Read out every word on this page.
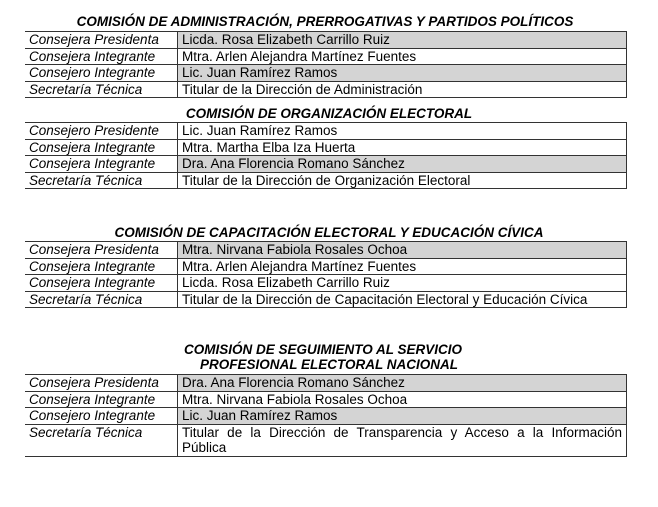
COMISIÓN DE ADMINISTRACIÓN, PRERROGATIVAS Y PARTIDOS POLÍTICOS
Consejera Presidenta	Licda. Rosa Elizabeth Carrillo Ruiz
Consejera Integrante	Mtra. Arlen Alejandra Martínez Fuentes
Consejero Integrante	Lic. Juan Ramírez Ramos
Secretaría Técnica	Titular de la Dirección de Administración
COMISIÓN DE ORGANIZACIÓN ELECTORAL
Consejero Presidente	Lic. Juan Ramírez Ramos
Consejera Integrante	Mtra. Martha Elba Iza Huerta
Consejera Integrante	Dra. Ana Florencia Romano Sánchez
Secretaría Técnica	Titular de la Dirección de Organización Electoral
COMISIÓN DE CAPACITACIÓN ELECTORAL Y EDUCACIÓN CÍVICA
Consejera Presidenta	Mtra. Nirvana Fabiola Rosales Ochoa
Consejera Integrante	Mtra. Arlen Alejandra Martínez Fuentes
Consejera Integrante	Licda. Rosa Elizabeth Carrillo Ruiz
Secretaría Técnica	Titular de la Dirección de Capacitación Electoral y Educación Cívica
COMISIÓN DE SEGUIMIENTO AL SERVICIO
PROFESIONAL ELECTORAL NACIONAL
Consejera Presidenta	Dra. Ana Florencia Romano Sánchez
Consejera Integrante	Mtra. Nirvana Fabiola Rosales Ochoa
Consejero Integrante	Lic. Juan Ramírez Ramos
Secretaría Técnica	Titular de la Dirección de Transparencia y Acceso a la Información Pública
